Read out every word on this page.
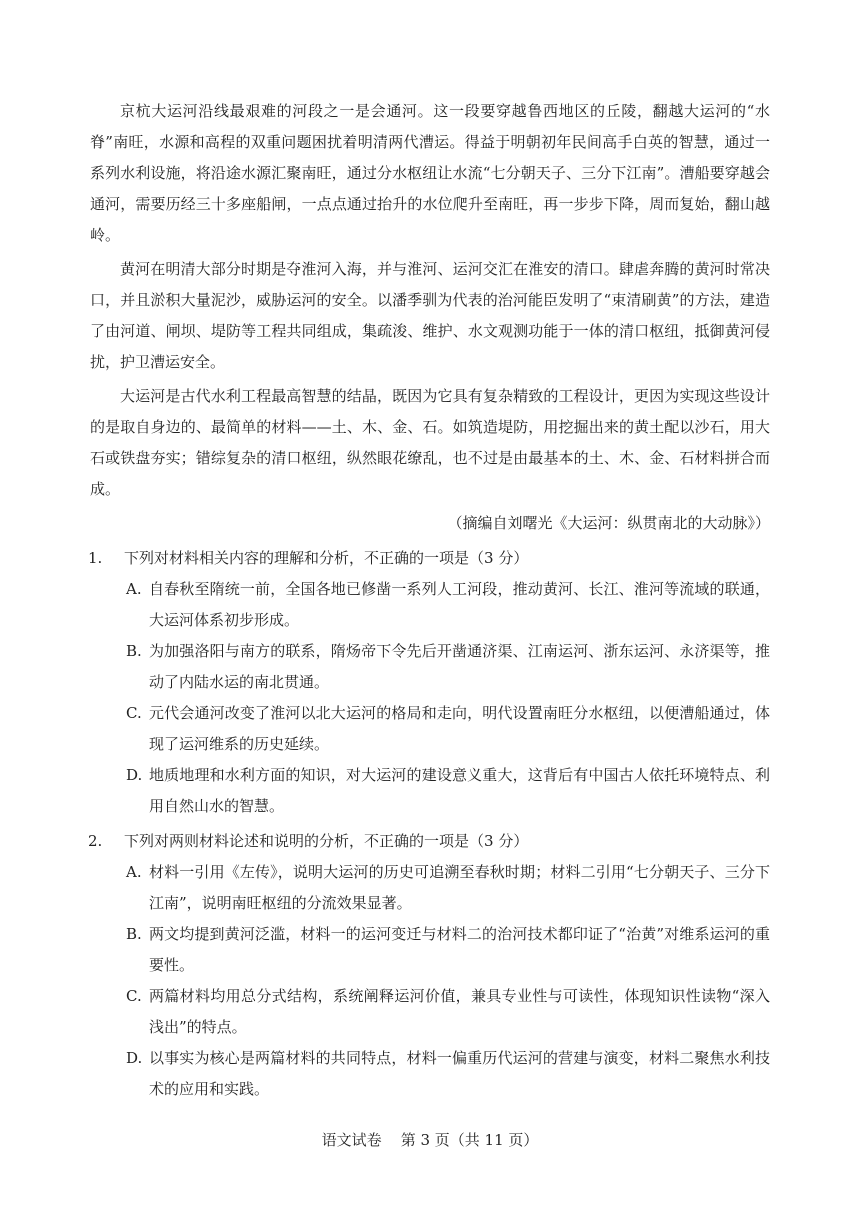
京杭大运河沿线最艰难的河段之一是会通河。这一段要穿越鲁西地区的丘陵，翻越大运河的“水脊”南旺，水源和高程的双重问题困扰着明清两代漕运。得益于明朝初年民间高手白英的智慧，通过一系列水利设施，将沿途水源汇聚南旺，通过分水枢纽让水流“七分朝天子、三分下江南”。漕船要穿越会通河，需要历经三十多座船闸，一点点通过抬升的水位爬升至南旺，再一步步下降，周而复始，翻山越岭。

黄河在明清大部分时期是夺淮河入海，并与淮河、运河交汇在淮安的清口。肆虐奔腾的黄河时常决口，并且淤积大量泥沙，威胁运河的安全。以潘季驯为代表的治河能臣发明了“束清刷黄”的方法，建造了由河道、闸坝、堤防等工程共同组成，集疏浚、维护、水文观测功能于一体的清口枢纽，抵御黄河侵扰，护卫漕运安全。

大运河是古代水利工程最高智慧的结晶，既因为它具有复杂精致的工程设计，更因为实现这些设计的是取自身边的、最简单的材料——土、木、金、石。如筑造堤防，用挖掘出来的黄土配以沙石，用大石或铁盘夯实；错综复杂的清口枢纽，纵然眼花缭乱，也不过是由最基本的土、木、金、石材料拼合而成。

（摘编自刘曙光《大运河：纵贯南北的大动脉》）

1.	下列对材料相关内容的理解和分析，不正确的一项是（3 分）
A. 自春秋至隋统一前，全国各地已修凿一系列人工河段，推动黄河、长江、淮河等流域的联通，大运河体系初步形成。
B. 为加强洛阳与南方的联系，隋炀帝下令先后开凿通济渠、江南运河、浙东运河、永济渠等，推动了内陆水运的南北贯通。
C. 元代会通河改变了淮河以北大运河的格局和走向，明代设置南旺分水枢纽，以便漕船通过，体现了运河维系的历史延续。
D. 地质地理和水利方面的知识，对大运河的建设意义重大，这背后有中国古人依托环境特点、利用自然山水的智慧。
2.	下列对两则材料论述和说明的分析，不正确的一项是（3 分）
A. 材料一引用《左传》，说明大运河的历史可追溯至春秋时期；材料二引用“七分朝天子、三分下江南”，说明南旺枢纽的分流效果显著。
B. 两文均提到黄河泛滥，材料一的运河变迁与材料二的治河技术都印证了“治黄”对维系运河的重要性。
C. 两篇材料均用总分式结构，系统阐释运河价值，兼具专业性与可读性，体现知识性读物“深入浅出”的特点。
D. 以事实为核心是两篇材料的共同特点，材料一偏重历代运河的营建与演变，材料二聚焦水利技术的应用和实践。
语文试卷 第 3 页（共 11 页）
